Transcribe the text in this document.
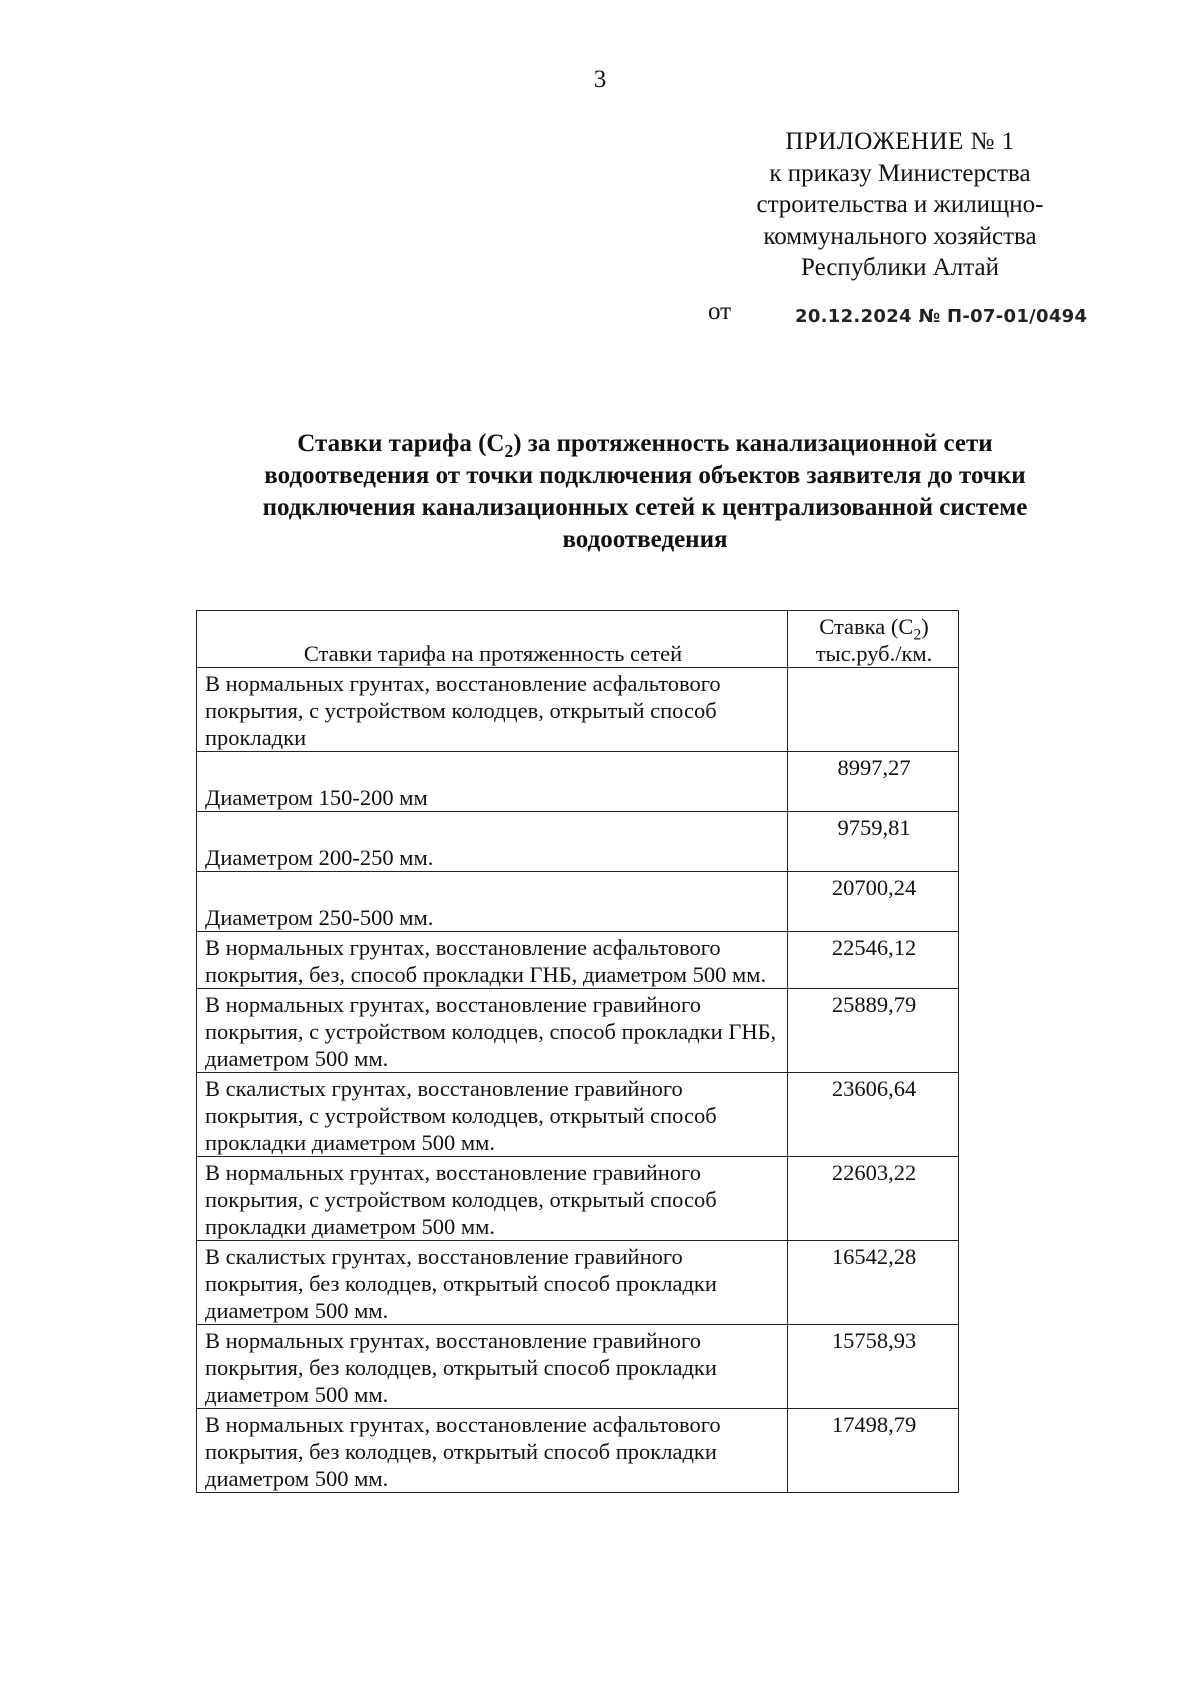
3
ПРИЛОЖЕНИЕ № 1
к приказу Министерства
строительства и жилищно-
коммунального хозяйства
Республики Алтай
от	20.12.2024 № П-07-01/0494
Ставки тарифа $(С_2)$ за протяженность канализационной сети
водоотведения от точки подключения объектов заявителя до точки
подключения канализационных сетей к централизованной системе
водоотведения
Ставки тарифа на протяженность сетей	Ставка $(С_2)$
тыс.руб./км.

В нормальных грунтах, восстановление асфальтового покрытия, с устройством колодцев, открытый способ прокладки	
Диаметром 150-200 мм	8997,27
Диаметром 200-250 мм.	9759,81
Диаметром 250-500 мм.	20700,24
В нормальных грунтах, восстановление асфальтового покрытия, без, способ прокладки ГНБ, диаметром 500 мм.	22546,12
В нормальных грунтах, восстановление гравийного покрытия, с устройством колодцев, способ прокладки ГНБ, диаметром 500 мм.	25889,79
В скалистых грунтах, восстановление гравийного покрытия, с устройством колодцев, открытый способ прокладки диаметром 500 мм.	23606,64
В нормальных грунтах, восстановление гравийного покрытия, с устройством колодцев, открытый способ прокладки диаметром 500 мм.	22603,22
В скалистых грунтах, восстановление гравийного покрытия, без колодцев, открытый способ прокладки диаметром 500 мм.	16542,28
В нормальных грунтах, восстановление гравийного покрытия, без колодцев, открытый способ прокладки диаметром 500 мм.	15758,93
В нормальных грунтах, восстановление асфальтового покрытия, без колодцев, открытый способ прокладки диаметром 500 мм.	17498,79
